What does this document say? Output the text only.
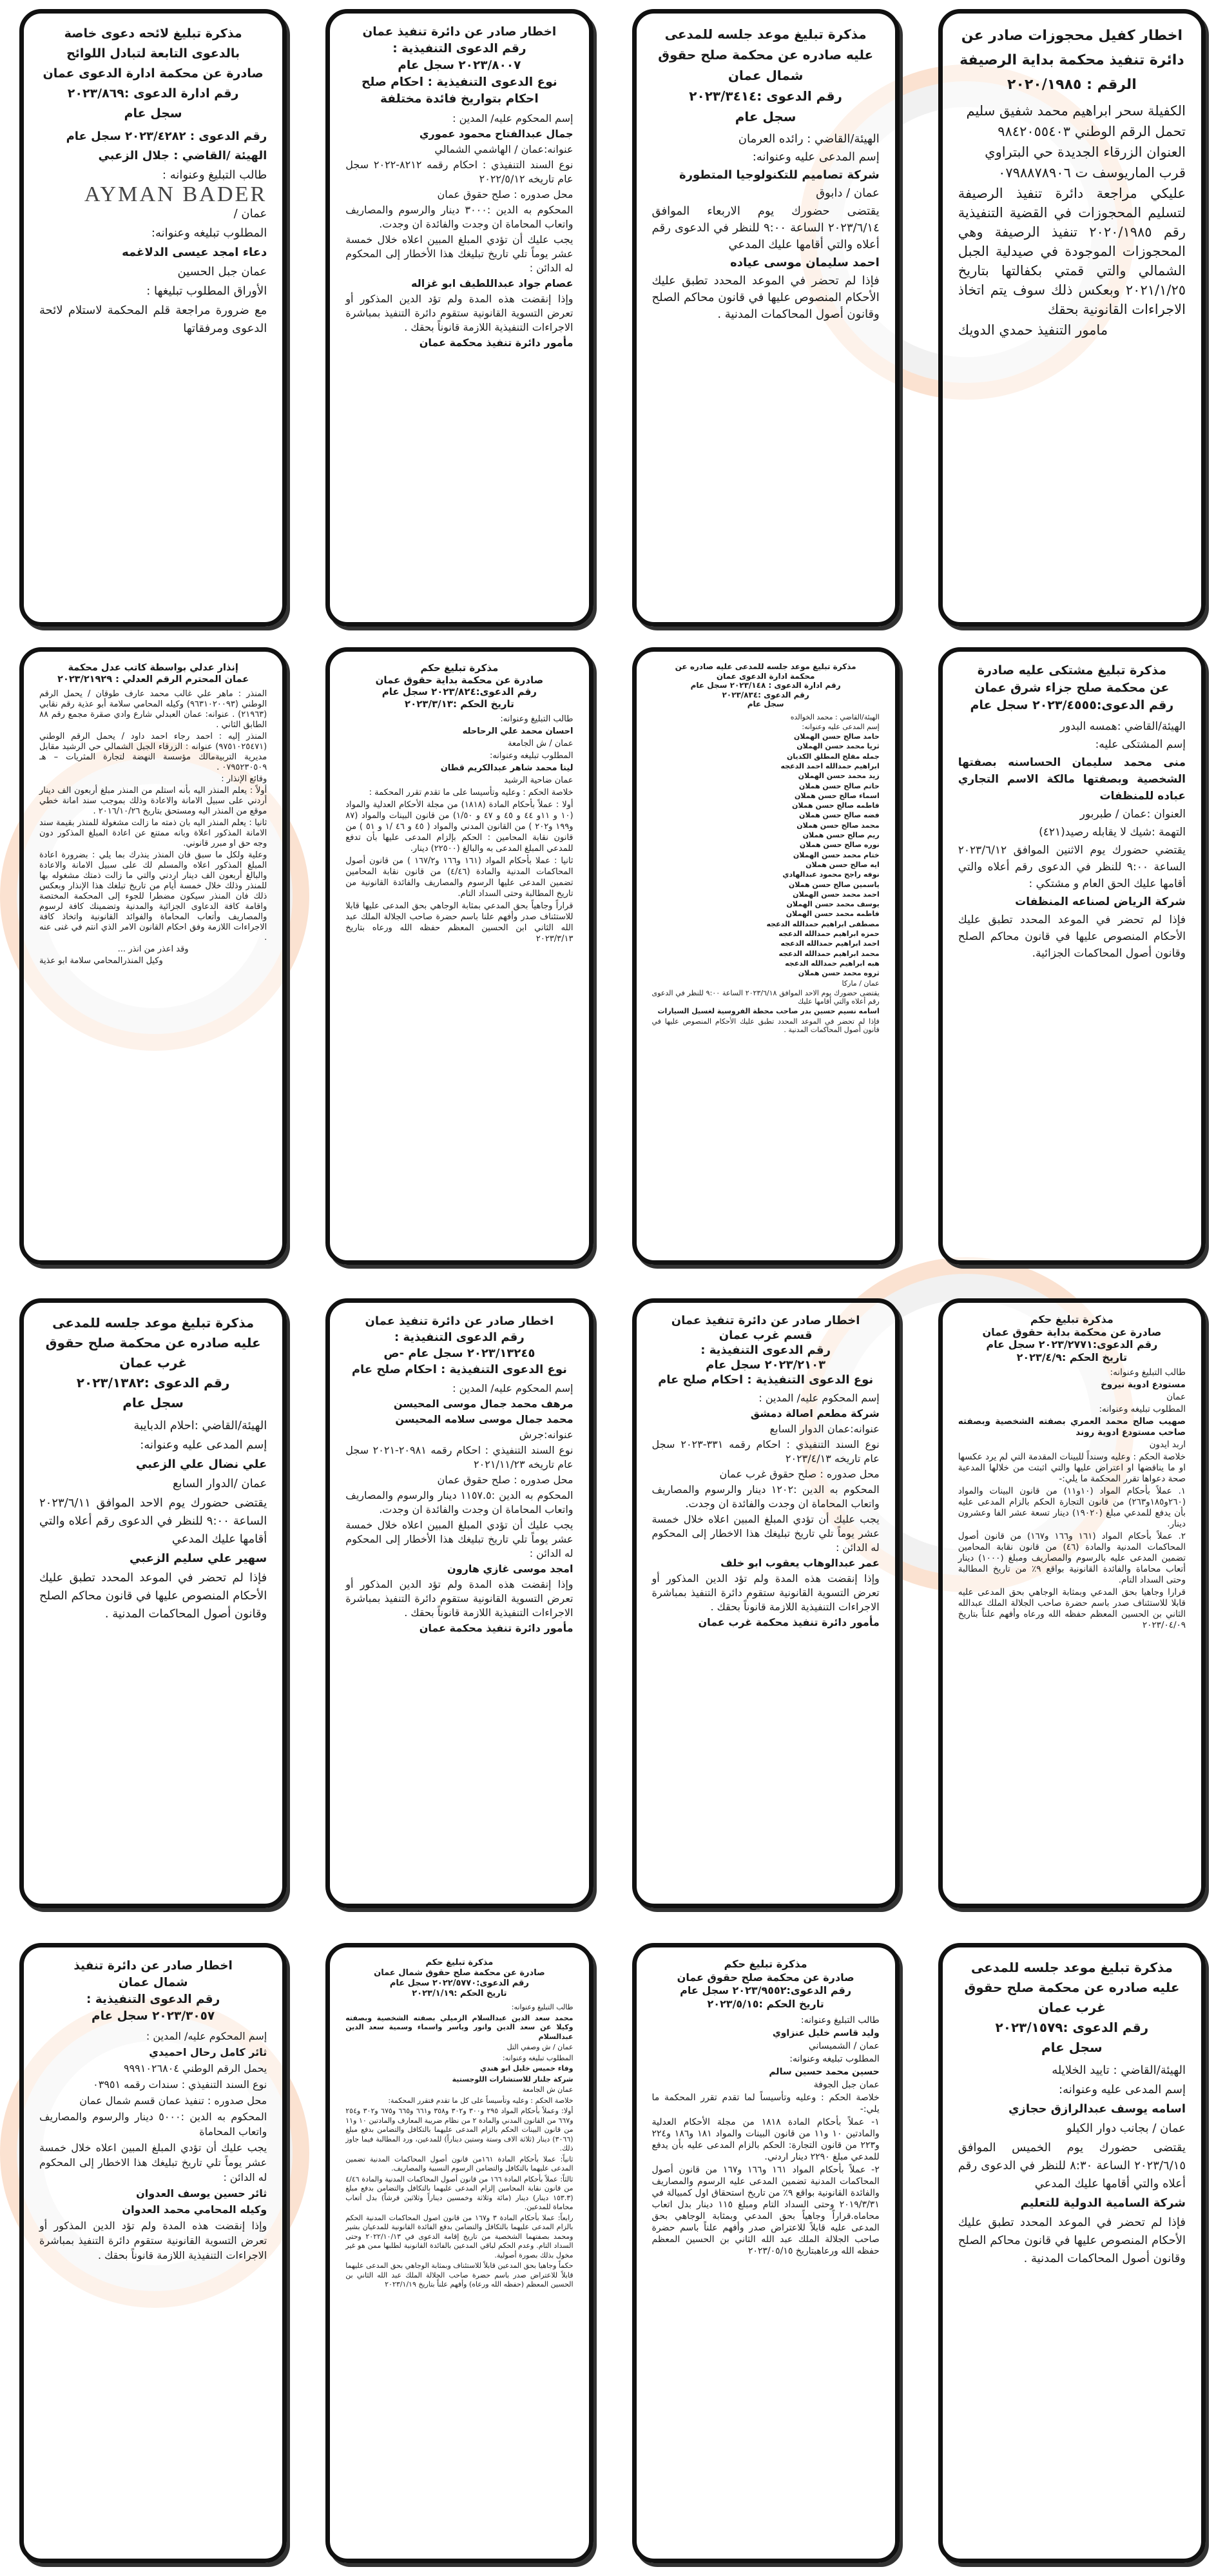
اخطار كفيل محجوزات صادر عن
دائرة تنفيذ محكمة بداية الرصيفة
الرقم : ٢٠٢٠/١٩٨٥

الكفيلة سحر ابراهيم محمد شفيق سليم

تحمل الرقم الوطني ٩٨٤٢٠٥٥٤٠٣

العنوان الزرقاء الجديدة حي البتراوي

قرب الماريوسف ت ٠٧٩٨٨٧٨٩٠٦

عليكي مراجعة دائرة تنفيذ الرصيفة لتسليم المحجوزات في القضية التنفيذية رقم ٢٠٢٠/١٩٨٥ تنفيذ الرصيفة وهي المحجوزات الموجودة في صيدلية الجبل الشمالي والتي قمتي بكفالتها بتاريخ ٢٠٢١/١/٢٥ وبعكس ذلك سوف يتم اتخاذ الاجراءات القانونية بحقك

مامور التنفيذ حمدي الدويك

مذكرة تبليغ موعد جلسه للمدعى
عليه صادره عن محكمة صلح حقوق
شمال عمان
رقم الدعوى :٢٠٢٣/٣٤١٤
سجل عام

الهيئة/القاضي : رائده العرمان

إسم المدعى عليه وعنوانه:

شركة تصاميم للتكنولوجيا المتطورة

عمان / دابوق

يقتضى حضورك يوم الاربعاء الموافق ٢٠٢٣/٦/١٤ الساعة ٩:٠٠ للنظر في الدعوى رقم أعلاه والتي أقامها عليك المدعي

احمد سليمان موسى عياده

فإذا لم تحضر في الموعد المحدد تطبق عليك الأحكام المنصوص عليها في قانون محاكم الصلح وقانون أصول المحاكمات المدنية .

اخطار صادر عن دائرة تنفيذ عمان
رقم الدعوى التنفيذية :
٢٠٢٣/٨٠٠٧ سجل عام
نوع الدعوى التنفيذية : احكام صلح
احكام بتواريخ فائدة مختلفة

إسم المحكوم عليه/ المدين :

جمال عبدالفتاح محمود عموري

عنوانه:عمان / الهاشمي الشمالي

نوع السند التنفيذي : احكام رقمه ٨٢١٢-٢٠٢٢ سجل عام تاريخه ٢٠٢٢/٥/١٢

محل صدوره : صلح حقوق عمان

المحكوم به الدين :٣٠٠٠ دينار والرسوم والمصاريف واتعاب المحاماة ان وجدت والفائدة ان وجدت.

يجب عليك أن تؤدي المبلغ المبين اعلاه خلال خمسة عشر يوماً تلي تاريخ تبليغك هذا الأخطار إلى المحكوم له الدائن :

عصام جواد عبداللطيف ابو غزاله

وإذا إنقضت هذه المدة ولم تؤد الدين المذكور أو تعرض التسوية القانونية ستقوم دائرة التنفيذ بمباشرة الاجراءات التنفيذية اللازمة قانوناً بحقك .

مأمور دائرة تنفيذ محكمة عمان

مذكرة تبليغ لائحه دعوى خاصة
بالدعوى التابعة لتبادل اللوائح
صادرة عن محكمة ادارة الدعوى عمان
رقم ادارة الدعوى :٢٠٢٣/٨٦٩
سجل عام

رقم الدعوى : ٢٠٢٣/٤٢٨٢ سجل عام

الهيئة /القاضي : جلال الزعبي

طالب التبليغ وعنوانه :

AYMAN BADER

عمان /

المطلوب تبليغه وعنوانه:

دعاء امجد عيسى الدلاغمه

عمان جبل الحسين

الأوراق المطلوب تبليغها :

مع ضرورة مراجعة قلم المحكمة لاستلام لائحة الدعوى ومرفقاتها

مذكرة تبليغ مشتكى عليه صادرة
عن محكمة صلح جزاء شرق عمان
رقم الدعوى:٢٠٢٣/٤٥٥٥ سجل عام

الهيئة/القاضي :همسه البدور

إسم المشتكى عليه:

منى محمد سليمان الحساسنه بصفتها الشخصية وبصفتها مالكة الاسم التجاري عباده للمنظفات

العنوان :عمان / طبربور

التهمة :شيك لا يقابله رصيد(٤٢١)

يقتضي حضورك يوم الاثنين الموافق ٢٠٢٣/٦/١٢ الساعة ٩:٠٠ للنظر في الدعوى رقم أعلاه والتي أقامها عليك الحق العام و مشتكي :

شركة الرياض لصناعه المنظفات

فإذا لم تحضر في الموعد المحدد تطبق عليك الأحكام المنصوص عليها في قانون محاكم الصلح وقانون أصول المحاكمات الجزائية.

مذكرة تبليغ موعد جلسه للمدعى عليه صادره عن
محكمة ادارة الدعوى عمان
رقم ادارة الدعوى : ٢٠٢٣/١٤٨ سجل عام
رقم الدعوى :٢٠٢٣/٨٣٤
سجل عام

الهيئة/القاضي : محمد الخوالده

إسم المدعى عليه وعنوانه:

حامد صالح حسن الهملان

ثريا محمد حسن الهملان

جمله مفلح المطلق الكديان

ابراهيم حمدالله احمد الدعجه

زيد محمد حسن الهملان

حاتم صالح حسن هملان

اسماء صالح حسن هملان

فاطمه صالح حسن هملان

فضه صالح حسن هملان

محمد صالح حسن هملان

ريم صالح حسن هملان

نوره صالح حسن هملان

ختام محمد حسن الهملان

ايه صالح حسن هملان

نوفه راجح محمود عبدالهادي

ياسمين صالح حسن هملان

احمد محمد حسن الهملان

يوسف محمد حسن الهملان

فاطمه محمد حسن الهملان

مصطفى ابراهيم حمدالله الدعجه

حمزه ابراهيم حمدالله الدعجه

احمد ابراهيم حمدالله الدعجه

محمد ابراهيم حمدالله الدعجه

هبه ابراهيم حمدالله الدعجه

ثروه محمد حسن هملان

عمان / ماركا

يقتضى حضورك يوم الاحد الموافق ٢٠٢٣/٦/١٨ الساعة ٩:٠٠ للنظر في الدعوى رقم أعلاه والتي أقامها عليك

اسامه نسيم حسين بدر صاحب محطة الفروسية لغسيل السيارات

فإذا لم تحضر في الموعد المحدد تطبق عليك الأحكام المنصوص عليها في قانون أصول المحاكمات المدنية .

مذكرة تبليغ حكم
صادرة عن محكمة بداية حقوق عمان
رقم الدعوى:٢٠٢٣/٨٢٤ سجل عام
تاريخ الحكم :٢٠٢٣/٣/١٣

طالب التبليغ وعنوانه:

احسان محمد علي الرحاحله

عمان / ش الجامعة

المطلوب تبليغه وعنوانه:

لينا محمد شاهر عبدالكريم قطان

عمان ضاحية الرشيد

خلاصة الحكم : وعليه وتأسيسا على ما تقدم تقرر المحكمة :

أولا : عملاً بأحكام المادة (١٨١٨) من مجلة الأحكام العدلية والمواد (١٠ و ١١و ٤٤ و ٤٥ و ٤٧ و ١/٥٠) من قانون البينات والمواد (٨٧ و١٩٩ و٢٠٢ ) من القانون المدني والمواد ( ٤٥ و ٤٦ /١ و ٥١ ) من قانون نقابة المحامين : الحكم بإلزام المدعى عليها بأن تدفع للمدعي المبلغ المدعى به والبالغ (٢٢٥٠٠) دينار.

ثانيا : عملا بأحكام المواد (١٦١ و١٦٦ و١٦٧/٢ ) من قانون أصول المحاكمات المدنية والمادة (٤/٤٦) من قانون نقابة المحامين تضمين المدعى عليها الرسوم والمصاريف والفائدة القانونية من تاريخ المطالبة وحتى السداد التام.

قراراً وجاهياً بحق المدعي بمثابة الوجاهي بحق المدعى عليها قابلا للاستئناف صدر وأفهم علنا باسم حضرة صاحب الجلالة الملك عبد الله الثاني ابن الحسين المعظم حفظه الله ورعاه بتاريخ ٢٠٢٣/٣/١٣

إنذار عدلي بواسطة كاتب عدل محكمة
عمان المحترم الرقم العدلي : ٢٠٢٣/٢١٩٢٩

المنذر : ماهر علي غالب محمد عارف طوقان / يحمل الرقم الوطني (٩٦٣١٠٢٠٠٩٣) وكيله المحامي سلامة أبو عذية رقم نقابي (٢١٩٦٣) . عنوانه: عمان العبدلي شارع وادي صقرة مجمع رقم ٨٨ الطابق الثاني .

المنذر إليه : احمد رجاء احمد داود / يحمل الرقم الوطني (٩٧٥١٠٢٥٤٧١) عنوانه : الزرقاء الجبل الشمالي حي الرشيد مقابل مديرية التربيةمالك مؤسسة النهضة لتجارة المثريات – هـ ٠٧٩٥٢٣٠٥٠٩ .

وقائع الإنذار :

أولاً : يعلم المنذر اليه بأنه استلم من المنذر مبلغ أربعون الف دينار أردني على سبيل الامانة والاعادة وذلك بموجب سند امانة خطي موقع من المنذر اليه ومستحق بتاريخ ٢٠١٦/١٠/٢٦ .

ثانيا : يعلم المنذر اليه بان ذمته ما زالت مشغولة للمنذر بقيمة سند الامانة المذكور اعلاة وبانه ممتنع عن اعادة المبلغ المذكور دون وجه حق او مبرر قانوني.

وعلية ولكل ما سبق فان المنذر ينذرك بما يلي : بضرورة اعادة المبلغ المذكور اعلاه والمسلم لك على سبيل الامانة والاعادة والبالغ أربعون الف دينار اردني والتي ما زالت ذمتك مشغوله بها للمنذر وذلك خلال خمسة أيام من تاريخ تبلغك هذا الإنذار وبعكس ذلك فان المنذر سيكون مضطرا للجوء إلى المحكمة المختصة واقامة كافة الدعاوى الجزائية والمدنية وتضمينك كافة لرسوم والمصاريف وأتعاب المحاماة والفوائد القانونية واتخاذ كافة الاجراءات اللازمة وفق احكام القانون الامر الذي انتم في غنى عنه .

وقد اعذر من انذر ...

وكيل المنذرالمحامي سلامة ابو عذية

مذكرة تبليغ حكم
صادرة عن محكمة بداية حقوق عمان
رقم الدعوى:٢٠٢٣/٢٧٧١ سجل عام
تاريخ الحكم :٢٠٢٣/٤/٩

طالب التبليغ وعنوانه:

مستودع ادوية نيروخ

عمان

المطلوب تبليغه وعنوانه:

صهيب صالح محمد العمري بصفته الشخصية وبصفته صاحب مستودع ادوية روند

اربد ايدون

خلاصة الحكم : وعليه وسنداً للبينات المقدمة التي لم يرد عكسها او ما يناقضها او اعتراض عليها والتي اثبتت من خلالها المدعية صحة دعواها تقرر المحكمة ما يلي:-

١. عملاً بأحكام المواد (١٠و١١) من قانون البينات والمواد (٢٦٠و١٨٥و٢٦٣) من قانون التجارة الحكم بالزام المدعى عليه بأن يدفع للمدعي مبلغ (١٩٠٢٠) دينار تسعة عشر الفا وعشرون دينار.

٢. عملاً بأحكام المواد (١٦١ و١٦٦ و١٦٧) من قانون أصول المحاكمات المدنية والمادة (٤٦) من قانون نقابة المحامين تضمين المدعى عليه بالرسوم والمصاريف ومبلغ (١٠٠٠) دينار أتعاب محاماة والفائدة القانونية بواقع ٩٪ من تاريخ المطالبة وحتى السداد التام.

قرارا وجاهيا بحق المدعي وبمثابة الوجاهي بحق المدعى عليه قابلا للاستئناف صدر باسم حضرة صاحب الجلالة الملك عبدالله الثاني بن الحسين المعظم حفظه الله ورعاه وأفهم علناً بتاريخ ٢٠٢٣/٠٤/٠٩

اخطار صادر عن دائرة تنفيذ عمان
قسم غرب عمان
رقم الدعوى التنفيذية :
٢٠٢٣/٢١٠٣ سجل عام
نوع الدعوى التنفيذية : احكام صلح عام

إسم المحكوم عليه/ المدين :

شركة مطعم اصالة دمشق

عنوانه:عمان الدوار السابع

نوع السند التنفيذي : احكام رقمه ٣٣١-٢٠٢٣ سجل عام تاريخه ٢٠٢٣/٤/١٣

محل صدوره : صلح حقوق غرب عمان

المحكوم به الدين :١٢٠٢ دينار والرسوم والمصاريف واتعاب المحاماة ان وجدت والفائدة ان وجدت.

يجب عليك أن تؤدي المبلغ المبين اعلاه خلال خمسة عشر يوماً تلي تاريخ تبليغك هذا الاخطار إلى المحكوم له الدائن :

عمر عبدالوهاب يعقوب ابو خلف

وإذا إنقضت هذه المدة ولم تؤد الدين المذكور أو تعرض التسوية القانونية ستقوم دائرة التنفيذ بمباشرة الاجراءات التنفيذية اللازمة قانوناً بحقك .

مأمور دائرة تنفيذ محكمة غرب عمان

اخطار صادر عن دائرة تنفيذ عمان
رقم الدعوى التنفيذية :
٢٠٢٣/١٣٢٤٥ سجل عام -ص
نوع الدعوى التنفيذية : احكام صلح عام

إسم المحكوم عليه/ المدين :

مرهف محمد جمال موسى المحيسن

محمد جمال موسى سلامه المحيسن

عنوانه:جرش

نوع السند التنفيذي : احكام رقمه ٢٠٩٨١-٢٠٢١ سجل عام تاريخه ٢٠٢١/١١/٢٣

محل صدوره : صلح حقوق عمان

المحكوم به الدين :١١٥٧.٥ دينار والرسوم والمصاريف واتعاب المحاماة ان وجدت والفائدة ان وجدت.

يجب عليك أن تؤدي المبلغ المبين اعلاه خلال خمسة عشر يوماً تلي تاريخ تبليغك هذا الأخطار إلى المحكوم له الدائن :

امجد موسى غازي هارون

وإذا إنقضت هذه المدة ولم تؤد الدين المذكور أو تعرض التسوية القانونية ستقوم دائرة التنفيذ بمباشرة الاجراءات التنفيذية اللازمة قانوناً بحقك .

مأمور دائرة تنفيذ محكمة عمان

مذكرة تبليغ موعد جلسه للمدعى
عليه صادره عن محكمة صلح حقوق
غرب عمان
رقم الدعوى :٢٠٢٣/١٣٨٢
سجل عام

الهيئة/القاضي :احلام الدبايبة

إسم المدعى عليه وعنوانه:

علي نضال علي الزعبي

عمان /الدوار السابع

يقتضى حضورك يوم الاحد الموافق ٢٠٢٣/٦/١١ الساعة ٩:٠٠ للنظر في الدعوى رقم أعلاه والتي أقامها عليك المدعي

سهير علي سليم الزعبي

فإذا لم تحضر في الموعد المحدد تطبق عليك الأحكام المنصوص عليها في قانون محاكم الصلح وقانون أصول المحاكمات المدنية .

مذكرة تبليغ موعد جلسه للمدعى
عليه صادره عن محكمة صلح حقوق
غرب عمان
رقم الدعوى :٢٠٢٣/١٥٧٩
سجل عام

الهيئة/القاضي : تاييد الخلايله

إسم المدعى عليه وعنوانه:

اسامه يوسف عبدالرازق حجازي

عمان / بجانب دوار الكيلو

يقتضى حضورك يوم الخميس الموافق ٢٠٢٣/٦/١٥ الساعة ٨:٣٠ للنظر في الدعوى رقم أعلاه والتي أقامها عليك المدعي

شركة السامية الدولية للتعليم

فإذا لم تحضر في الموعد المحدد تطبق عليك الأحكام المنصوص عليها في قانون محاكم الصلح وقانون أصول المحاكمات المدنية .

مذكرة تبليغ حكم
صادرة عن محكمة صلح حقوق عمان
رقم الدعوى:٢٠٢٣/٩٥٥٢ سجل عام
تاريخ الحكم :٢٠٢٣/٥/١٥

طالب التبليغ وعنوانه:

وليد قاسم خليل عنزاوي

عمان / الشميساني

المطلوب تبليغه وعنوانه:

حسين محمد حسين سالم

عمان جبل الجوفة

خلاصة الحكم : وعليه وتأسيساً لما تقدم تقرر المحكمة ما يلي:-

١- عملاً بأحكام المادة ١٨١٨ من مجلة الأحكام العدلية والمادتين ١٠ و١١ من قانون البينات والمواد ١٨١ و١٨٦ و٢٢٤ و٢٢٣ من قانون التجارة: الحكم بالزام المدعى عليه بأن يدفع للمدعي مبلغ ٢٢٩٠ دينار اردني.

٢- عملاً بأحكام المواد ١٦١ و١٦٦ و١٦٧ من قانون أصول المحاكمات المدنية تضمين المدعى عليه الرسوم والمصاريف والفائدة القانونية بواقع ٩٪ من تاريخ استحقاق اول كمبيالة في ٢٠١٩/٣/٣١ وحتى السداد التام ومبلغ ١١٥ دينار بدل اتعاب محاماه.قراراً وجاهياً بحق المدعي وبمثابة الوجاهي بحق المدعى عليه قابلاً للاعتراض صدر وأفهم علناً باسم حضرة صاحب الجلالة الملك عبد الله الثاني بن الحسين المعظم حفظه الله ورعاهبتاريخ ٢٠٢٣/٠٥/١٥

مذكرة تبليغ حكم
صادرة عن محكمة صلح حقوق شمال عمان
رقم الدعوى:٢٠٢٢/٥٧٧٠ سجل عام
تاريخ الحكم :٢٠٢٣/١/١٩

طالب التبليغ وعنوانه:

محمد سعد الدين عبدالسلام الزميلي بصفته الشخصية وبصفته وكيلا عن سعد الدين وانور وياسر واسماء وسمية سعد الدين عبدالسلام

عمان / ش وصفي التل

المطلوب تبليغه وعنوانه:

وفاء خميس خليل ابو هندي

شركة جلنار للاستشارات اللوجستية

عمان ش الجامعة

خلاصة الحكم : وعليه وتأسيساً على كل ما تقدم فتقرر المحكمة:

أولا: وعملاً بأحكام المواد ٢٩٥ و٣٠٠ و٣٠٢ و٣٥٨ و٦٦١ و٦٦٥ و٦٧٥ و٣٠٢ و٢٥٤ و٦٦٧ من القانون المدني والمادة ٢ من نظام ضريبة المعارف والمادتين ١٠ و١١ من قانون البينات الحكم بالزام المدعى عليهما بالتكافل والتضامن بدفع مبلغ (٣٠٦٦) دينار (ثلاثة الاف وستة وستين ديناراً) للمدعين، ورد المطالبة فيما جاوز ذلك.

ثانياً: عملا بأحكام المادة ١٦١من قانون أصول المحاكمات المدنية تضمين المدعى عليهما بالتكافل والتضامن الرسوم النسبية والمصاريف.

ثالثاً: عملاً بأحكام المادة ١٦٦ من قانون أصول المحاكمات المدنية والمادة ٤/٤٦ من قانون نقابة المحامين إلزام المدعى عليهما بالتكافل والتضامن بدفع مبلغ (١٥٣.٣ دينار) دينار (مائة وثلاثة وخمسين ديناراً وثلاثين قرشاً) بدل أتعاب محاماة للمدعين.

رابعاً: عملا بأحكام المادة ٣ و١٦٧ من قانون اصول المحاكمات المدنية الحكم بالزام المدعى عليهما بالتكافل والتضامن بدفع الفائدة القانونية للمدعيان بشير ومحمد بصفتهما الشخصية من تاريخ إقامة الدعوى في ٢٠٢٢/١٠/١٣ وحتى السداد التام. وعدم الحكم لباقي المدعين بالفائدة القانونية لطلبها ممن هو غير مخول بذلك بصورة أصولية.

حكماً وجاهيا بحق المدعين قابلاً للاستئناف وبمثابة الوجاهي بحق المدعى عليهما قابلاً للاعتراض صدر باسم حضرة صاحب الجلالة الملك عبد الله الثاني بن الحسين المعظم (حفظه الله ورعاه) وأفهم علناً بتاريخ ٢٠٢٣/١/١٩

اخطار صادر عن دائرة تنفيذ
شمال عمان
رقم الدعوى التنفيذية :
٢٠٢٣/٣٠٥٧ سجل عام

إسم المحكوم عليه/ المدين :

ثائر كامل رحال احميدي

يحمل الرقم الوطني ٩٩٩١٠٢٦٨٠٤

نوع السند التنفيذي : سندات رقمه ٠٣٩٥١

محل صدوره : تنفيذ عمان قسم شمال عمان

المحكوم به الدين :٥٠٠٠ دينار والرسوم والمصاريف واتعاب المحاماة

يجب عليك أن تؤدي المبلغ المبين اعلاه خلال خمسة عشر يوماً تلي تاريخ تبليغك هذا الاخطار إلى المحكوم له الدائن :

ثائر حسين يوسف العدوان

وكيله المحامي محمد العدوان

وإذا إنقضت هذه المدة ولم تؤد الدين المذكور أو تعرض التسوية القانونية ستقوم دائرة التنفيذ بمباشرة الاجراءات التنفيذية اللازمة قانوناً بحقك .
